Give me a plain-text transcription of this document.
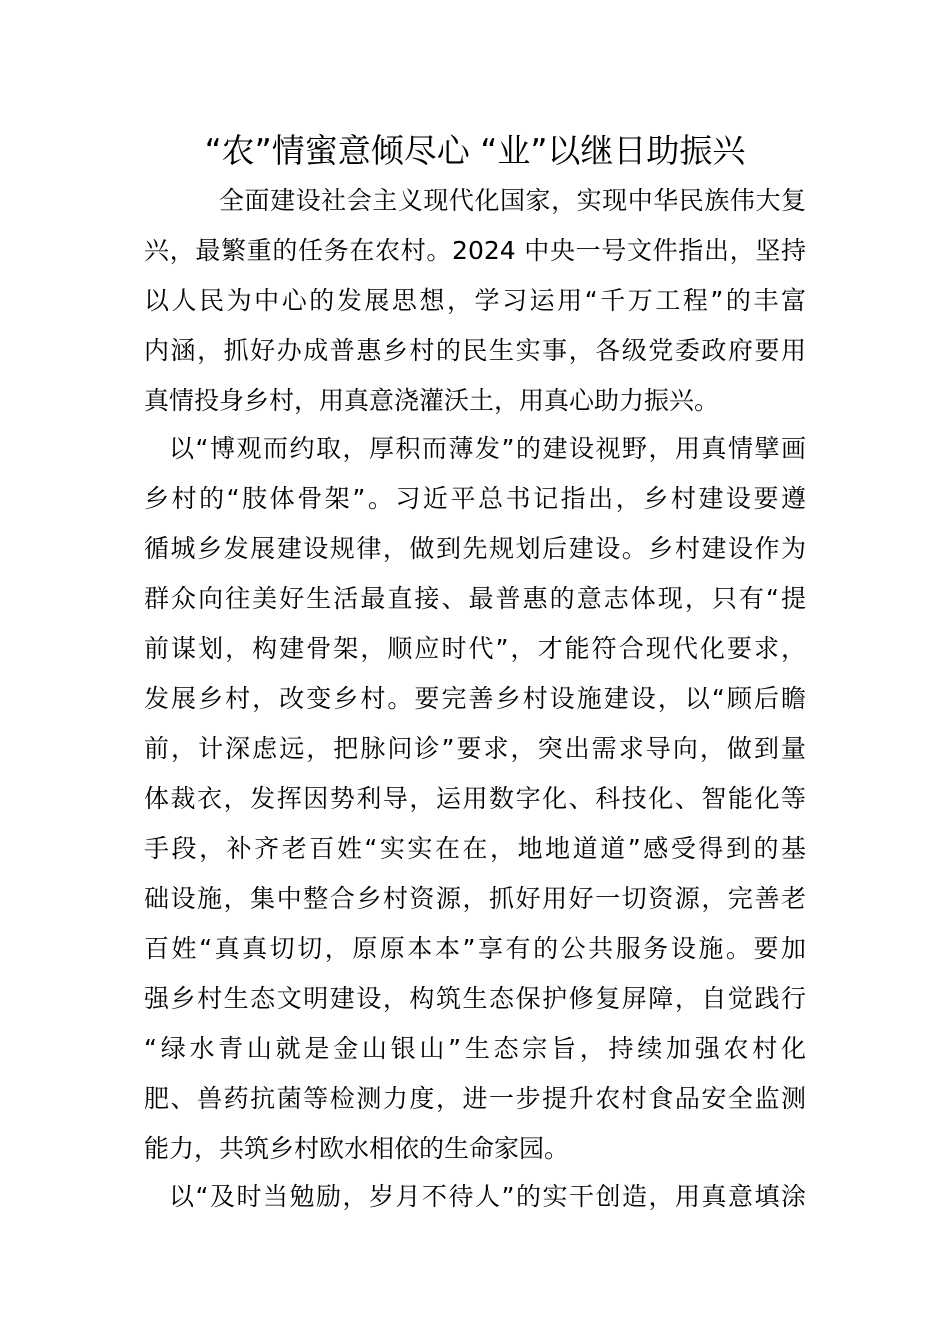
“农”情蜜意倾尽心 “业”以继日助振兴
全面建设社会主义现代化国家，实现中华民族伟大复
兴，最繁重的任务在农村。2024 中央一号文件指出，坚持
以人民为中心的发展思想，学习运用“千万工程”的丰富
内涵，抓好办成普惠乡村的民生实事，各级党委政府要用
真情投身乡村，用真意浇灌沃土，用真心助力振兴。
以“博观而约取，厚积而薄发”的建设视野，用真情擘画
乡村的“肢体骨架”。习近平总书记指出，乡村建设要遵
循城乡发展建设规律，做到先规划后建设。乡村建设作为
群众向往美好生活最直接、最普惠的意志体现，只有“提
前谋划，构建骨架，顺应时代”，才能符合现代化要求，
发展乡村，改变乡村。要完善乡村设施建设，以“顾后瞻
前，计深虑远，把脉问诊”要求，突出需求导向，做到量
体裁衣，发挥因势利导，运用数字化、科技化、智能化等
手段，补齐老百姓“实实在在，地地道道”感受得到的基
础设施，集中整合乡村资源，抓好用好一切资源，完善老
百姓“真真切切，原原本本”享有的公共服务设施。要加
强乡村生态文明建设，构筑生态保护修复屏障，自觉践行
“绿水青山就是金山银山”生态宗旨，持续加强农村化
肥、兽药抗菌等检测力度，进一步提升农村食品安全监测
能力，共筑乡村欧水相依的生命家园。
以“及时当勉励，岁月不待人”的实干创造，用真意填涂
